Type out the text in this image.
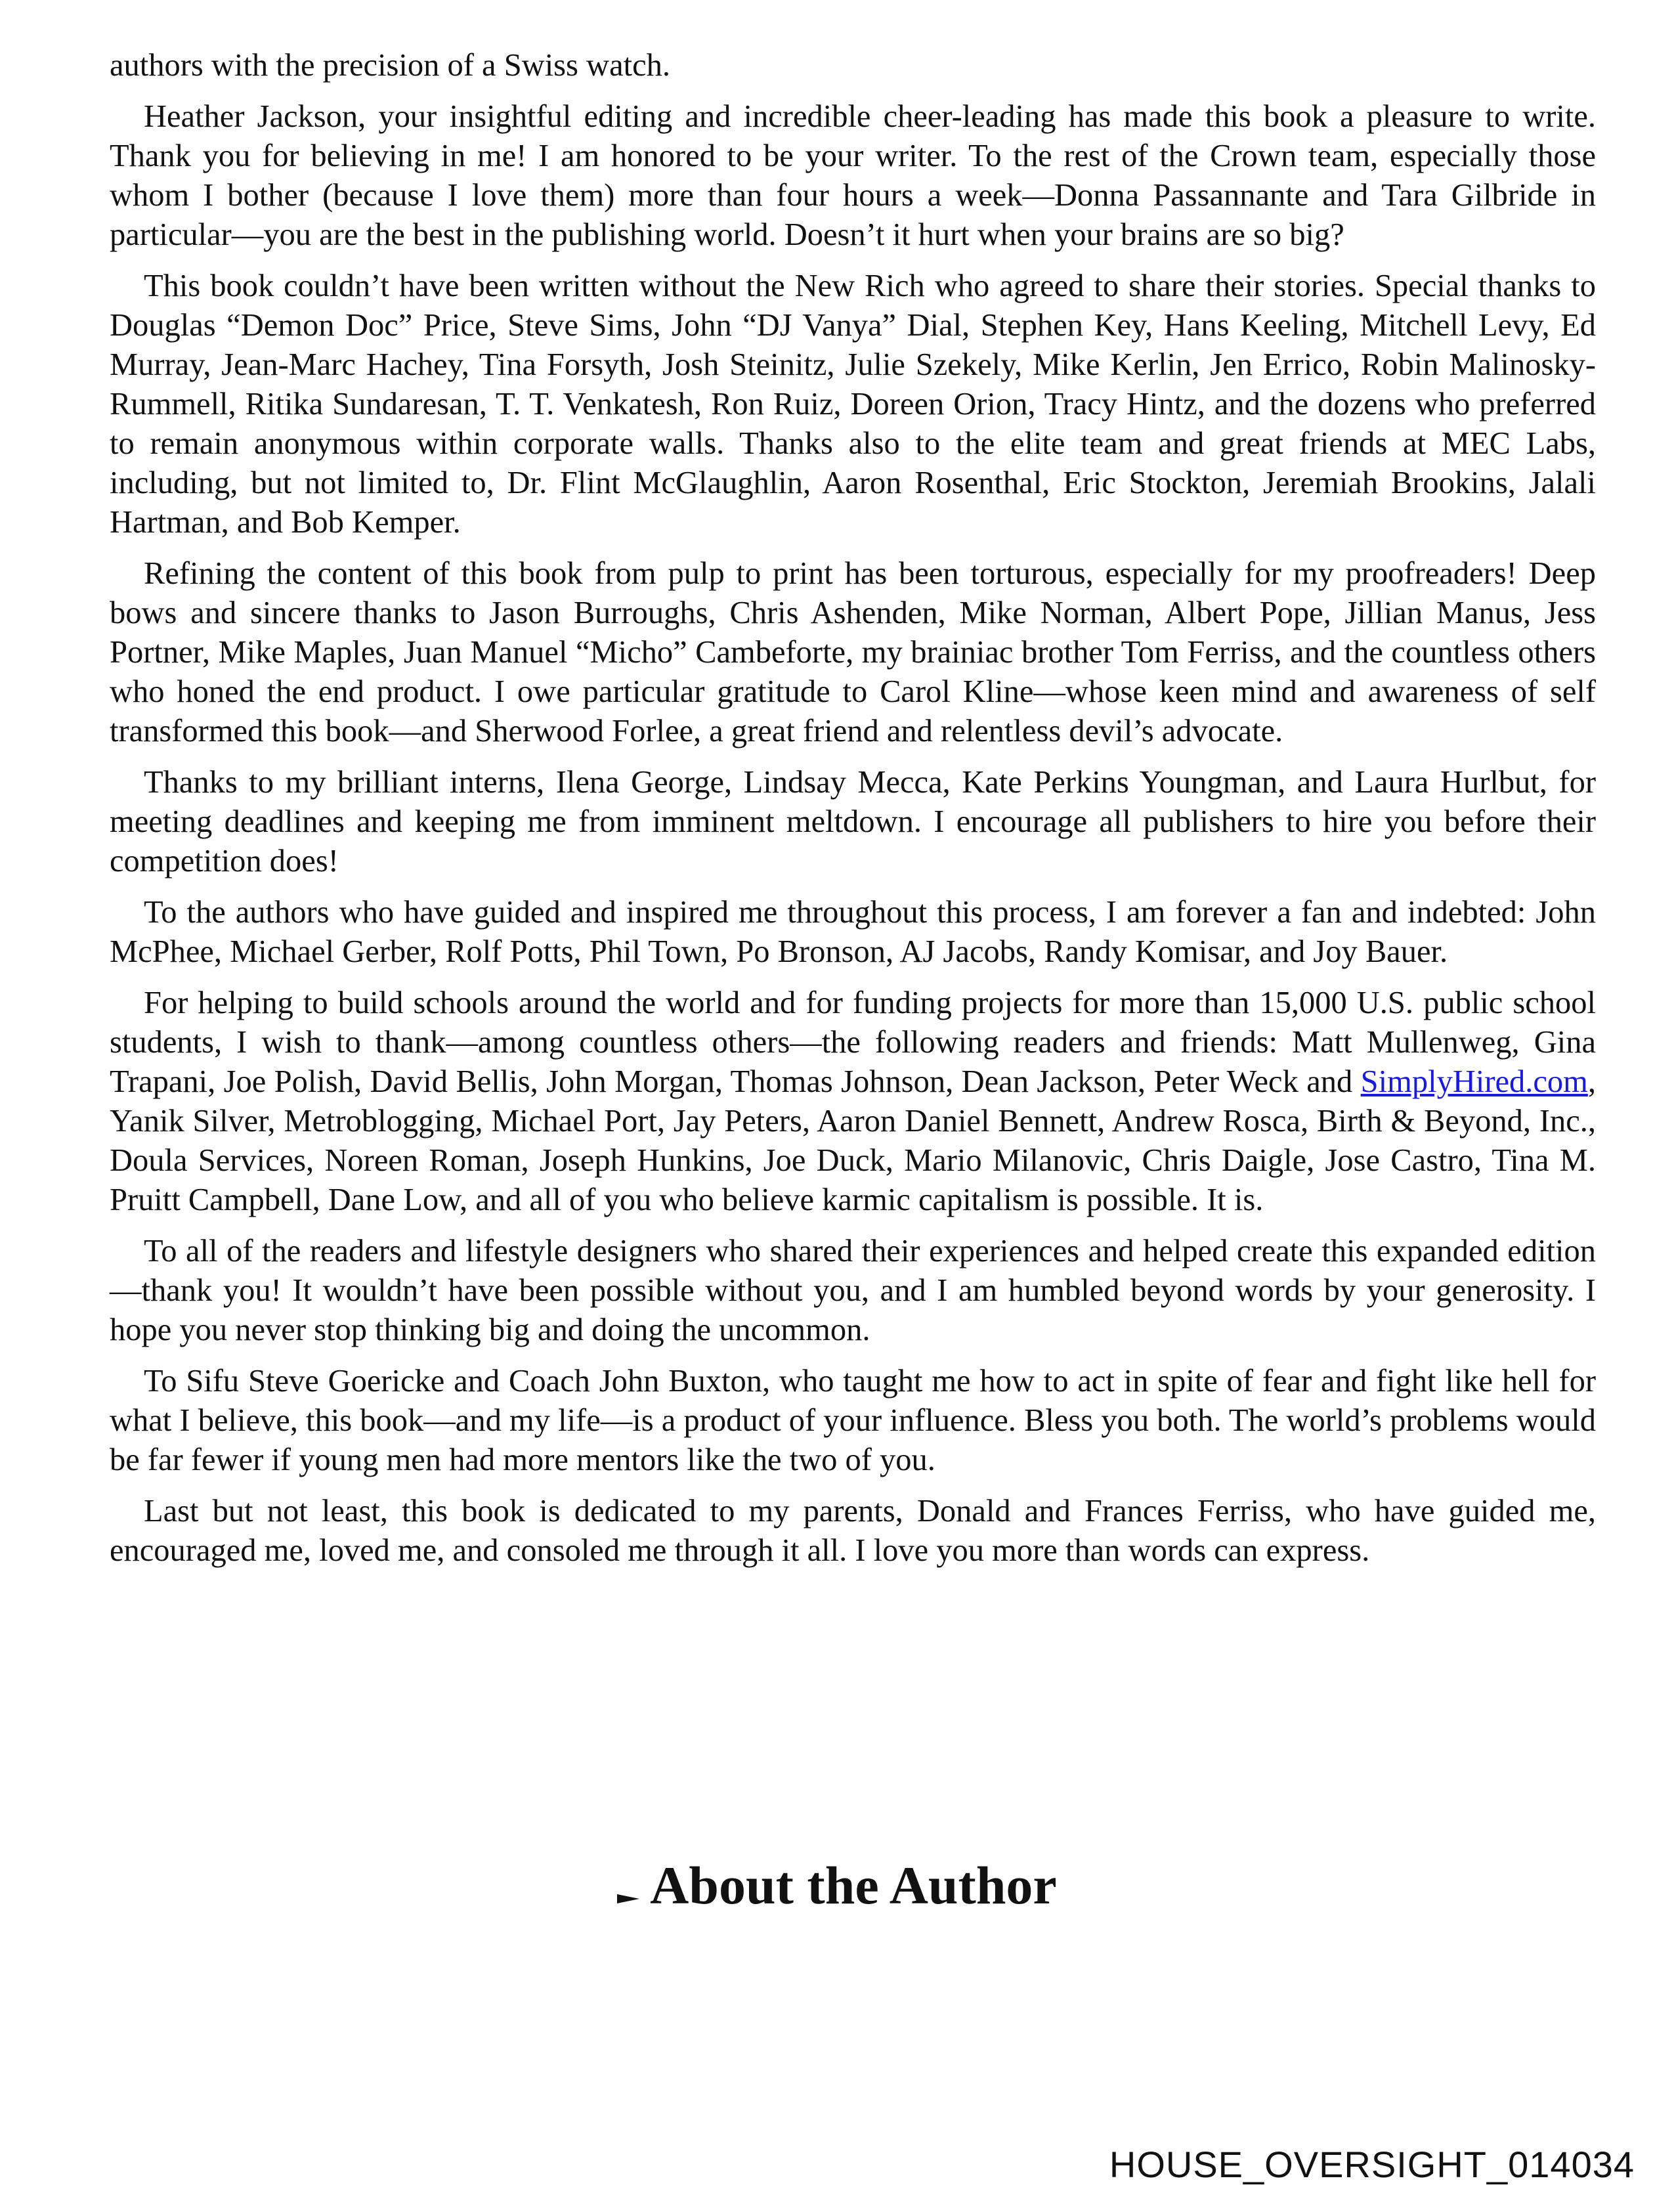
authors with the precision of a Swiss watch.

Heather Jackson, your insightful editing and incredible cheer-leading has made this book a pleasure to write. Thank you for believing in me! I am honored to be your writer. To the rest of the Crown team, especially those whom I bother (because I love them) more than four hours a week—Donna Passannante and Tara Gilbride in particular—you are the best in the publishing world. Doesn’t it hurt when your brains are so big?

This book couldn’t have been written without the New Rich who agreed to share their stories. Special thanks to Douglas “Demon Doc” Price, Steve Sims, John “DJ Vanya” Dial, Stephen Key, Hans Keeling, Mitchell Levy, Ed Murray, Jean-Marc Hachey, Tina Forsyth, Josh Steinitz, Julie Szekely, Mike Kerlin, Jen Errico, Robin Malinosky-Rummell, Ritika Sundaresan, T. T. Venkatesh, Ron Ruiz, Doreen Orion, Tracy Hintz, and the dozens who preferred to remain anonymous within corporate walls. Thanks also to the elite team and great friends at MEC Labs, including, but not limited to, Dr. Flint McGlaughlin, Aaron Rosenthal, Eric Stockton, Jeremiah Brookins, Jalali Hartman, and Bob Kemper.

Refining the content of this book from pulp to print has been torturous, especially for my proofreaders! Deep bows and sincere thanks to Jason Burroughs, Chris Ashenden, Mike Norman, Albert Pope, Jillian Manus, Jess Portner, Mike Maples, Juan Manuel “Micho” Cambeforte, my brainiac brother Tom Ferriss, and the countless others who honed the end product. I owe particular gratitude to Carol Kline—whose keen mind and awareness of self transformed this book—and Sherwood Forlee, a great friend and relentless devil’s advocate.

Thanks to my brilliant interns, Ilena George, Lindsay Mecca, Kate Perkins Youngman, and Laura Hurlbut, for meeting deadlines and keeping me from imminent meltdown. I encourage all publishers to hire you before their competition does!

To the authors who have guided and inspired me throughout this process, I am forever a fan and indebted: John McPhee, Michael Gerber, Rolf Potts, Phil Town, Po Bronson, AJ Jacobs, Randy Komisar, and Joy Bauer.

For helping to build schools around the world and for funding projects for more than 15,000 U.S. public school students, I wish to thank—among countless others—the following readers and friends: Matt Mullenweg, Gina Trapani, Joe Polish, David Bellis, John Morgan, Thomas Johnson, Dean Jackson, Peter Weck and SimplyHired.com, Yanik Silver, Metroblogging, Michael Port, Jay Peters, Aaron Daniel Bennett, Andrew Rosca, Birth & Beyond, Inc., Doula Services, Noreen Roman, Joseph Hunkins, Joe Duck, Mario Milanovic, Chris Daigle, Jose Castro, Tina M. Pruitt Campbell, Dane Low, and all of you who believe karmic capitalism is possible. It is.

To all of the readers and lifestyle designers who shared their experiences and helped create this expanded edition—thank you! It wouldn’t have been possible without you, and I am humbled beyond words by your generosity. I hope you never stop thinking big and doing the uncommon.

To Sifu Steve Goericke and Coach John Buxton, who taught me how to act in spite of fear and fight like hell for what I believe, this book—and my life—is a product of your influence. Bless you both. The world’s problems would be far fewer if young men had more mentors like the two of you.

Last but not least, this book is dedicated to my parents, Donald and Frances Ferriss, who have guided me, encouraged me, loved me, and consoled me through it all. I love you more than words can express.

About the Author
HOUSE_OVERSIGHT_014034
